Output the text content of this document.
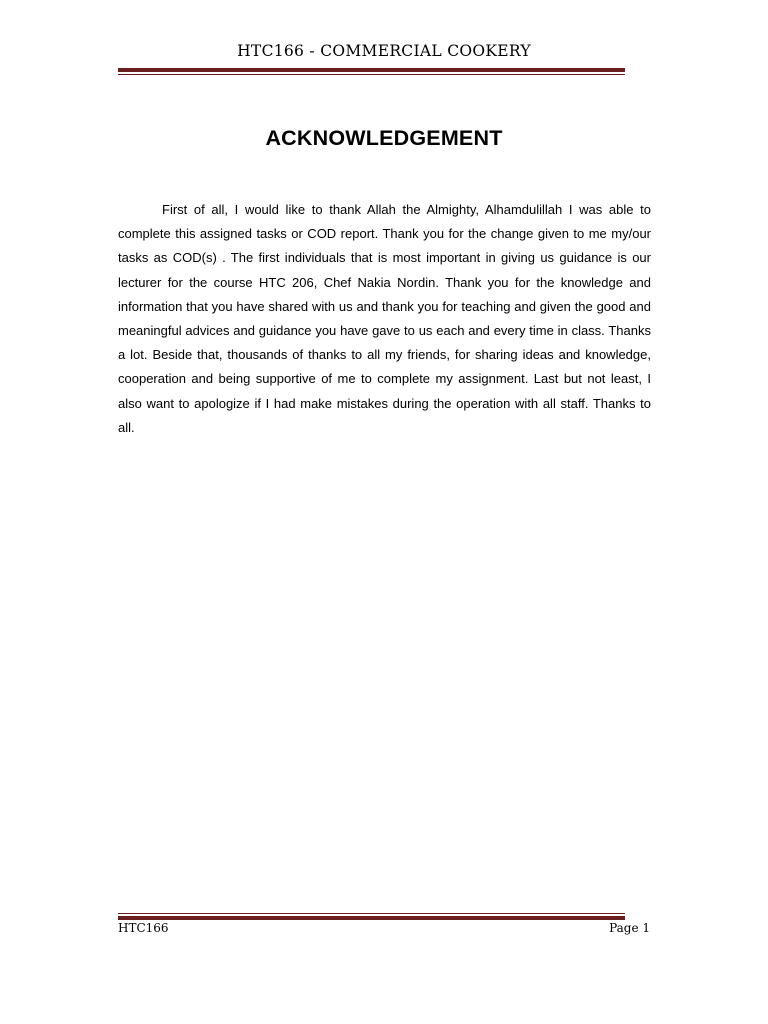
HTC166 - COMMERCIAL COOKERY
ACKNOWLEDGEMENT

First of all, I would like to thank Allah the Almighty, Alhamdulillah I was able to complete this assigned tasks or COD report. Thank you for the change given to me my/our tasks as COD(s) . The first individuals that is most important in giving us guidance is our lecturer for the course HTC 206, Chef Nakia Nordin. Thank you for the knowledge and information that you have shared with us and thank you for teaching and given the good and meaningful advices and guidance you have gave to us each and every time in class. Thanks a lot. Beside that, thousands of thanks to all my friends, for sharing ideas and knowledge, cooperation and being supportive of me to complete my assignment. Last but not least, I also want to apologize if I had make mistakes during the operation with all staff. Thanks to all.

HTC166	Page 1
